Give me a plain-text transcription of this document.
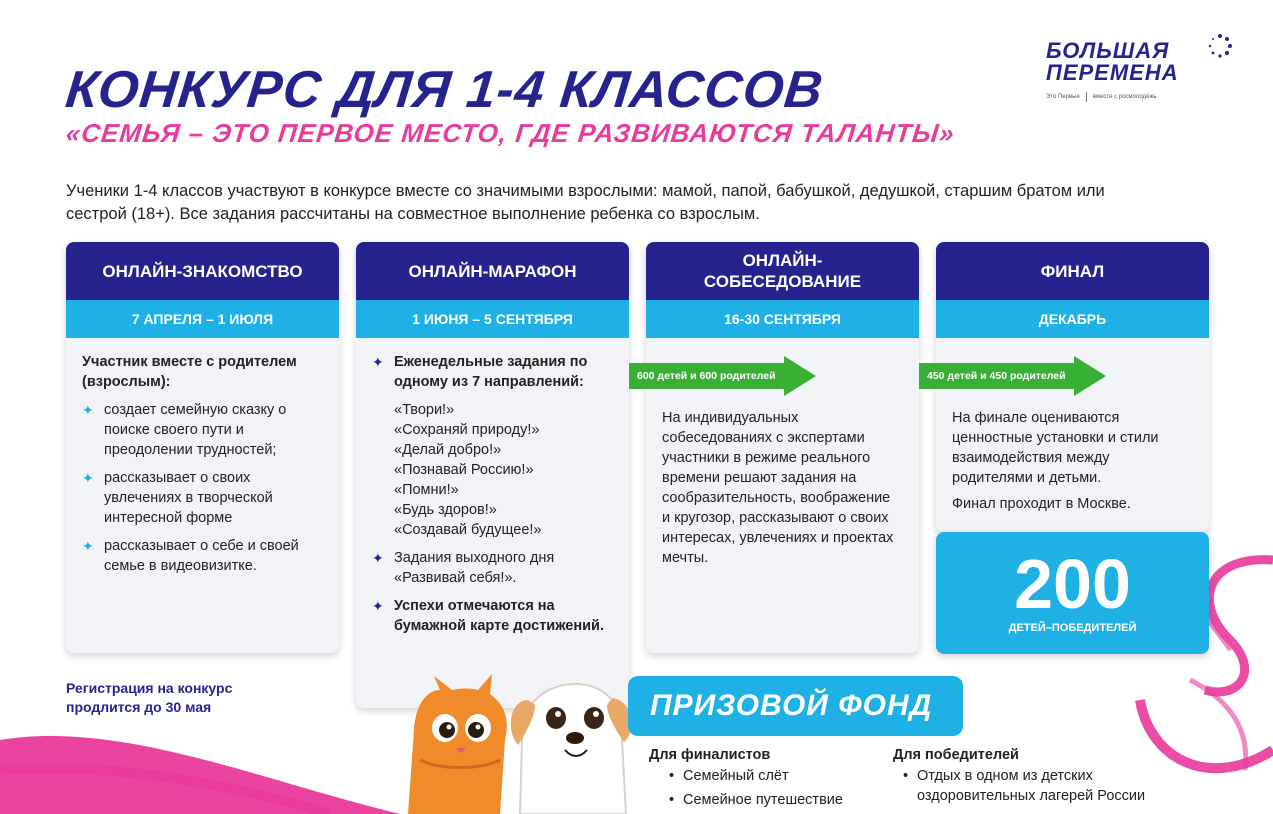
КОНКУРС ДЛЯ 1-4 КЛАССОВ
«СЕМЬЯ – ЭТО ПЕРВОЕ МЕСТО, ГДЕ РАЗВИВАЮТСЯ ТАЛАНТЫ»
БОЛЬШАЯ
ПЕРЕМЕНА
Это Первые вместе с росмолодёжь
Ученики 1-4 классов участвуют в конкурсе вместе со значимыми взрослыми: мамой, папой, бабушкой, дедушкой, старшим братом или сестрой (18+). Все задания рассчитаны на совместное выполнение ребенка со взрослым.
ОНЛАЙН-ЗНАКОМСТВО
7 АПРЕЛЯ – 1 ИЮЛЯ
Участник вместе с родителем (взрослым):
✦ создает семейную сказку о поиске своего пути и преодолении трудностей;
✦ рассказывает о своих увлечениях в творческой интересной форме
✦ рассказывает о себе и своей семье в видеовизитке.
ОНЛАЙН-МАРАФОН
1 ИЮНЯ – 5 СЕНТЯБРЯ
✦ Еженедельные задания по одному из 7 направлений:
«Твори!»
«Сохраняй природу!»
«Делай добро!»
«Познавай Россию!»
«Помни!»
«Будь здоров!»
«Создавай будущее!»
✦ Задания выходного дня «Развивай себя!».
✦ Успехи отмечаются на бумажной карте достижений.
ОНЛАЙН-СОБЕСЕДОВАНИЕ
16-30 СЕНТЯБРЯ
На индивидуальных собеседованиях с экспертами участники в режиме реального времени решают задания на сообразительность, воображение и кругозор, рассказывают о своих интересах, увлечениях и проектах мечты.
ФИНАЛ
ДЕКАБРЬ
На финале оцениваются ценностные установки и стили взаимодействия между родителями и детьми.
Финал проходит в Москве.
600 детей и 600 родителей	450 детей и 450 родителей
200
ДЕТЕЙ–ПОБЕДИТЕЛЕЙ
Регистрация на конкурс продлится до 30 мая	ПРИЗОВОЙ ФОНД
Для финалистов
• Семейный слёт
• Семейное путешествие
Для победителей
• Отдых в одном из детских оздоровительных лагерей России
